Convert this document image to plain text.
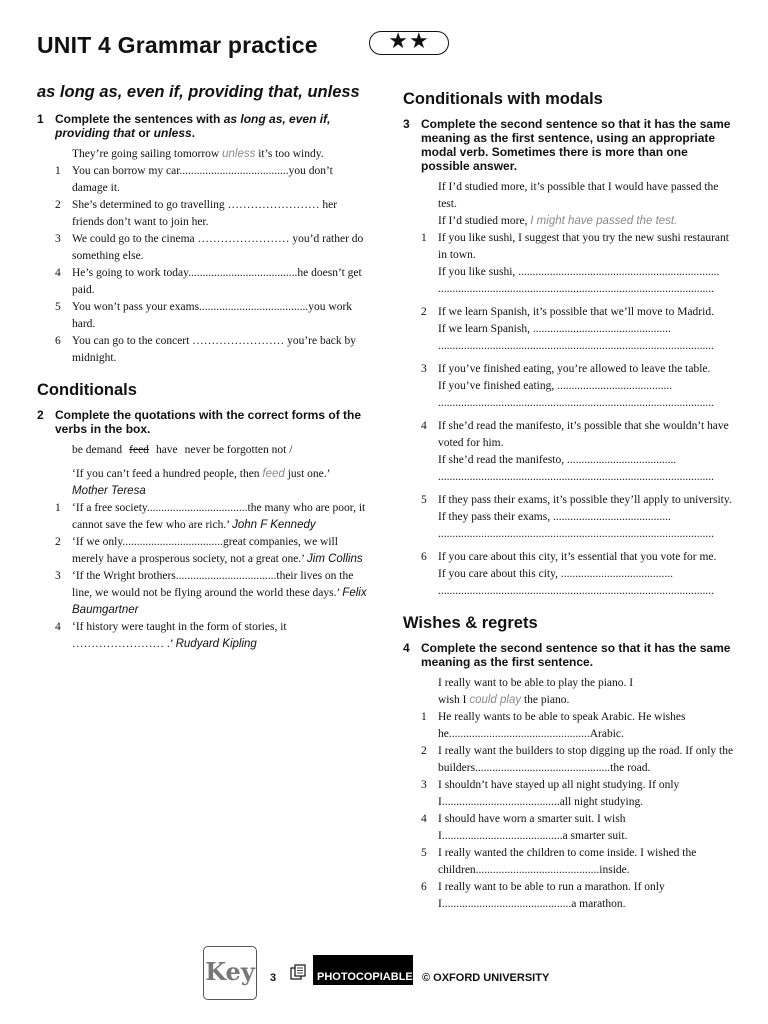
UNIT 4 Grammar practice	★★
as long as, even if, providing that, unless
1 Complete the sentences with as long as, even if, providing that or unless.
They’re going sailing tomorrow unless it’s too windy.
1 You can borrow my car......................................you don’t damage it.
2 She’s determined to go travelling …………………… her friends don’t want to join her.
3 We could go to the cinema …………………… you’d rather do something else.
4 He’s going to work today......................................he doesn’t get paid.
5 You won’t pass your exams......................................you work hard.
6 You can go to the concert …………………… you’re back by midnight.
Conditionals
2 Complete the quotations with the correct forms of the verbs in the box.
be demand feed have never be forgotten not /
‘If you can’t feed a hundred people, then feed just one.’ Mother Teresa
1 ‘If a free society...................................the many who are poor, it cannot save the few who are rich.’ John F Kennedy
2 ‘If we only...................................great companies, we will merely have a prosperous society, not a great one.’ Jim Collins
3 ‘If the Wright brothers...................................their lives on the line, we would not be flying around the world these days.’ Felix Baumgartner
4 ‘If history were taught in the form of stories, it …………………… .’ Rudyard Kipling
Conditionals with modals
3 Complete the second sentence so that it has the same meaning as the first sentence, using an appropriate modal verb. Sometimes there is more than one possible answer.
If I’d studied more, it’s possible that I would have passed the test.
If I’d studied more, I might have passed the test.
1 If you like sushi, I suggest that you try the new sushi restaurant in town.
If you like sushi, ......................................................................
................................................................................................
2 If we learn Spanish, it’s possible that we’ll move to Madrid.
If we learn Spanish, ................................................
................................................................................................
3 If you’ve finished eating, you’re allowed to leave the table.
If you’ve finished eating, ........................................
................................................................................................
4 If she’d read the manifesto, it’s possible that she wouldn’t have voted for him.
If she’d read the manifesto, ......................................
................................................................................................
5 If they pass their exams, it’s possible they’ll apply to university.
If they pass their exams, .........................................
................................................................................................
6 If you care about this city, it’s essential that you vote for me.
If you care about this city, .......................................
................................................................................................
Wishes & regrets
4 Complete the second sentence so that it has the same meaning as the first sentence.
I really want to be able to play the piano. I
wish I could play the piano.
1 He really wants to be able to speak Arabic. He wishes he.................................................Arabic.
2 I really want the builders to stop digging up the road. If only the builders...............................................the road.
3 I shouldn’t have stayed up all night studying. If only I.........................................all night studying.
4 I should have worn a smarter suit. I wish I..........................................a smarter suit.
5 I really wanted the children to come inside. I wished the children...........................................inside.
6 I really want to be able to run a marathon. If only I.............................................a marathon.
Key 3	PHOTOCOPIABLE © OXFORD UNIVERSITY
